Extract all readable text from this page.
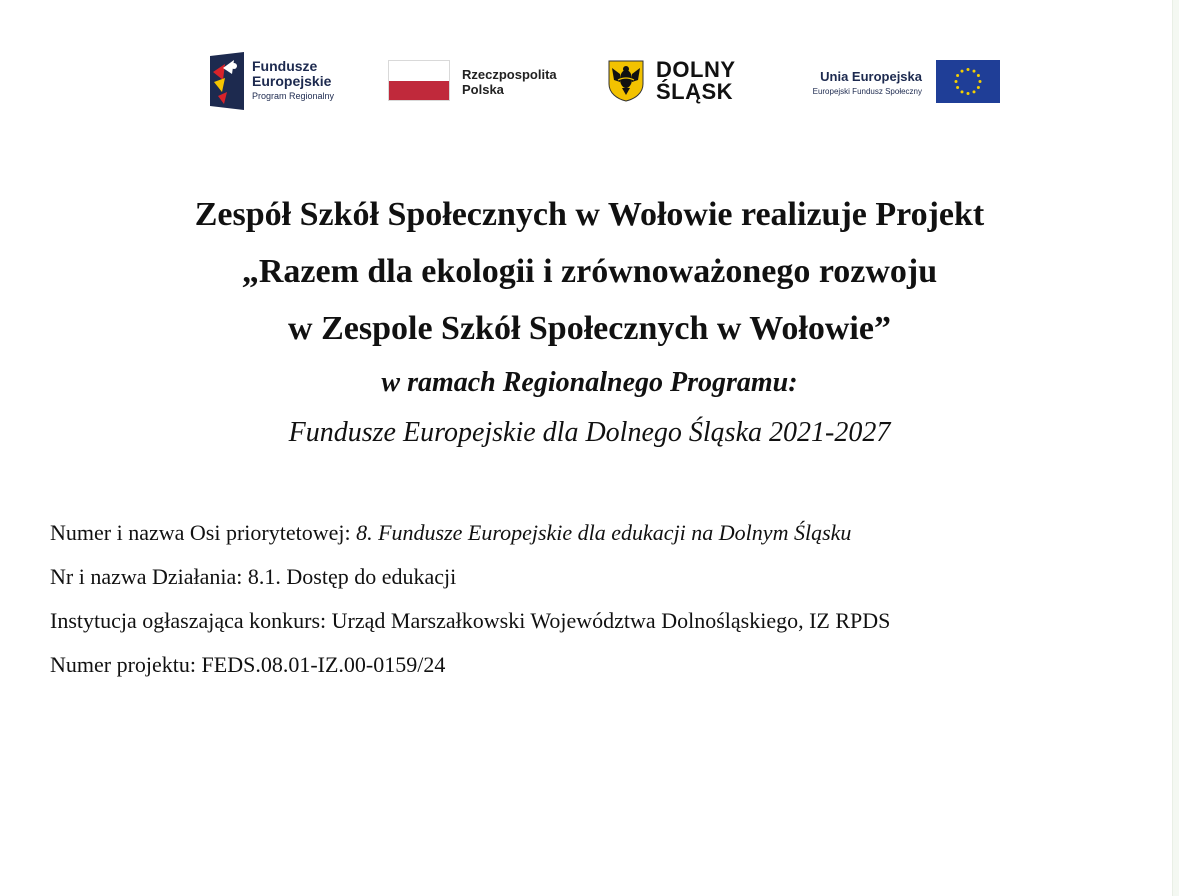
Fundusze
Europejskie
Program Regionalny
Rzeczpospolita
Polska
DOLNY
ŚLĄSK
Unia Europejska
Europejski Fundusz Społeczny
Zespół Szkół Społecznych w Wołowie realizuje Projekt
„Razem dla ekologii i zrównoważonego rozwoju
w Zespole Szkół Społecznych w Wołowie”
w ramach Regionalnego Programu:
Fundusze Europejskie dla Dolnego Śląska 2021-2027
Numer i nazwa Osi priorytetowej: 8. Fundusze Europejskie dla edukacji na Dolnym Śląsku
Nr i nazwa Działania: 8.1. Dostęp do edukacji
Instytucja ogłaszająca konkurs: Urząd Marszałkowski Województwa Dolnośląskiego, IZ RPDS
Numer projektu: FEDS.08.01-IZ.00-0159/24
